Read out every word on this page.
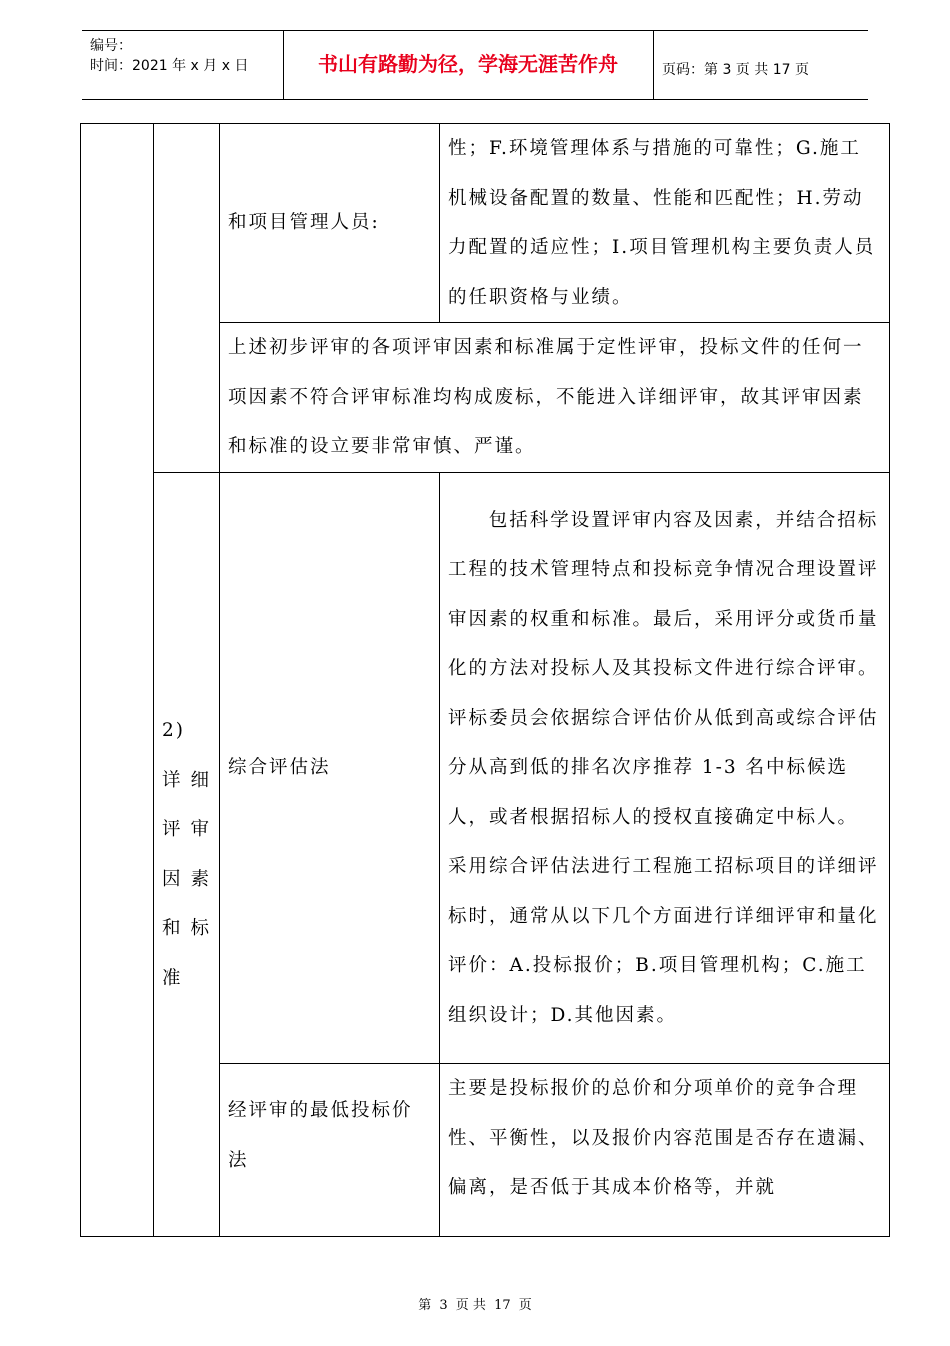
编号：
时间：2021 年 x 月 x 日	书山有路勤为径，学海无涯苦作舟	页码：第 3 页 共 17 页
		和项目管理人员:	性；F.环境管理体系与措施的可靠性；G.施工机械设备配置的数量、性能和匹配性；H.劳动力配置的适应性；I.项目管理机构主要负责人员的任职资格与业绩。
		上述初步评审的各项评审因素和标准属于定性评审，投标文件的任何一项因素不符合评审标准均构成废标，不能进入详细评审，故其评审因素和标准的设立要非常审慎、严谨。	
	2) 详细评审因素和标准	综合评估法	包括科学设置评审内容及因素，并结合招标工程的技术管理特点和投标竞争情况合理设置评审因素的权重和标准。最后，采用评分或货币量化的方法对投标人及其投标文件进行综合评审。评标委员会依据综合评估价从低到高或综合评估分从高到低的排名次序推荐 1-3 名中标候选人，或者根据招标人的授权直接确定中标人。
采用综合评估法进行工程施工招标项目的详细评标时，通常从以下几个方面进行详细评审和量化评价：A.投标报价；B.项目管理机构；C.施工组织设计；D.其他因素。

		经评审的最低投标价法	主要是投标报价的总价和分项单价的竞争合理性、平衡性，以及报价内容范围是否存在遗漏、偏离，是否低于其成本价格等，并就
第 3 页 共 17 页
